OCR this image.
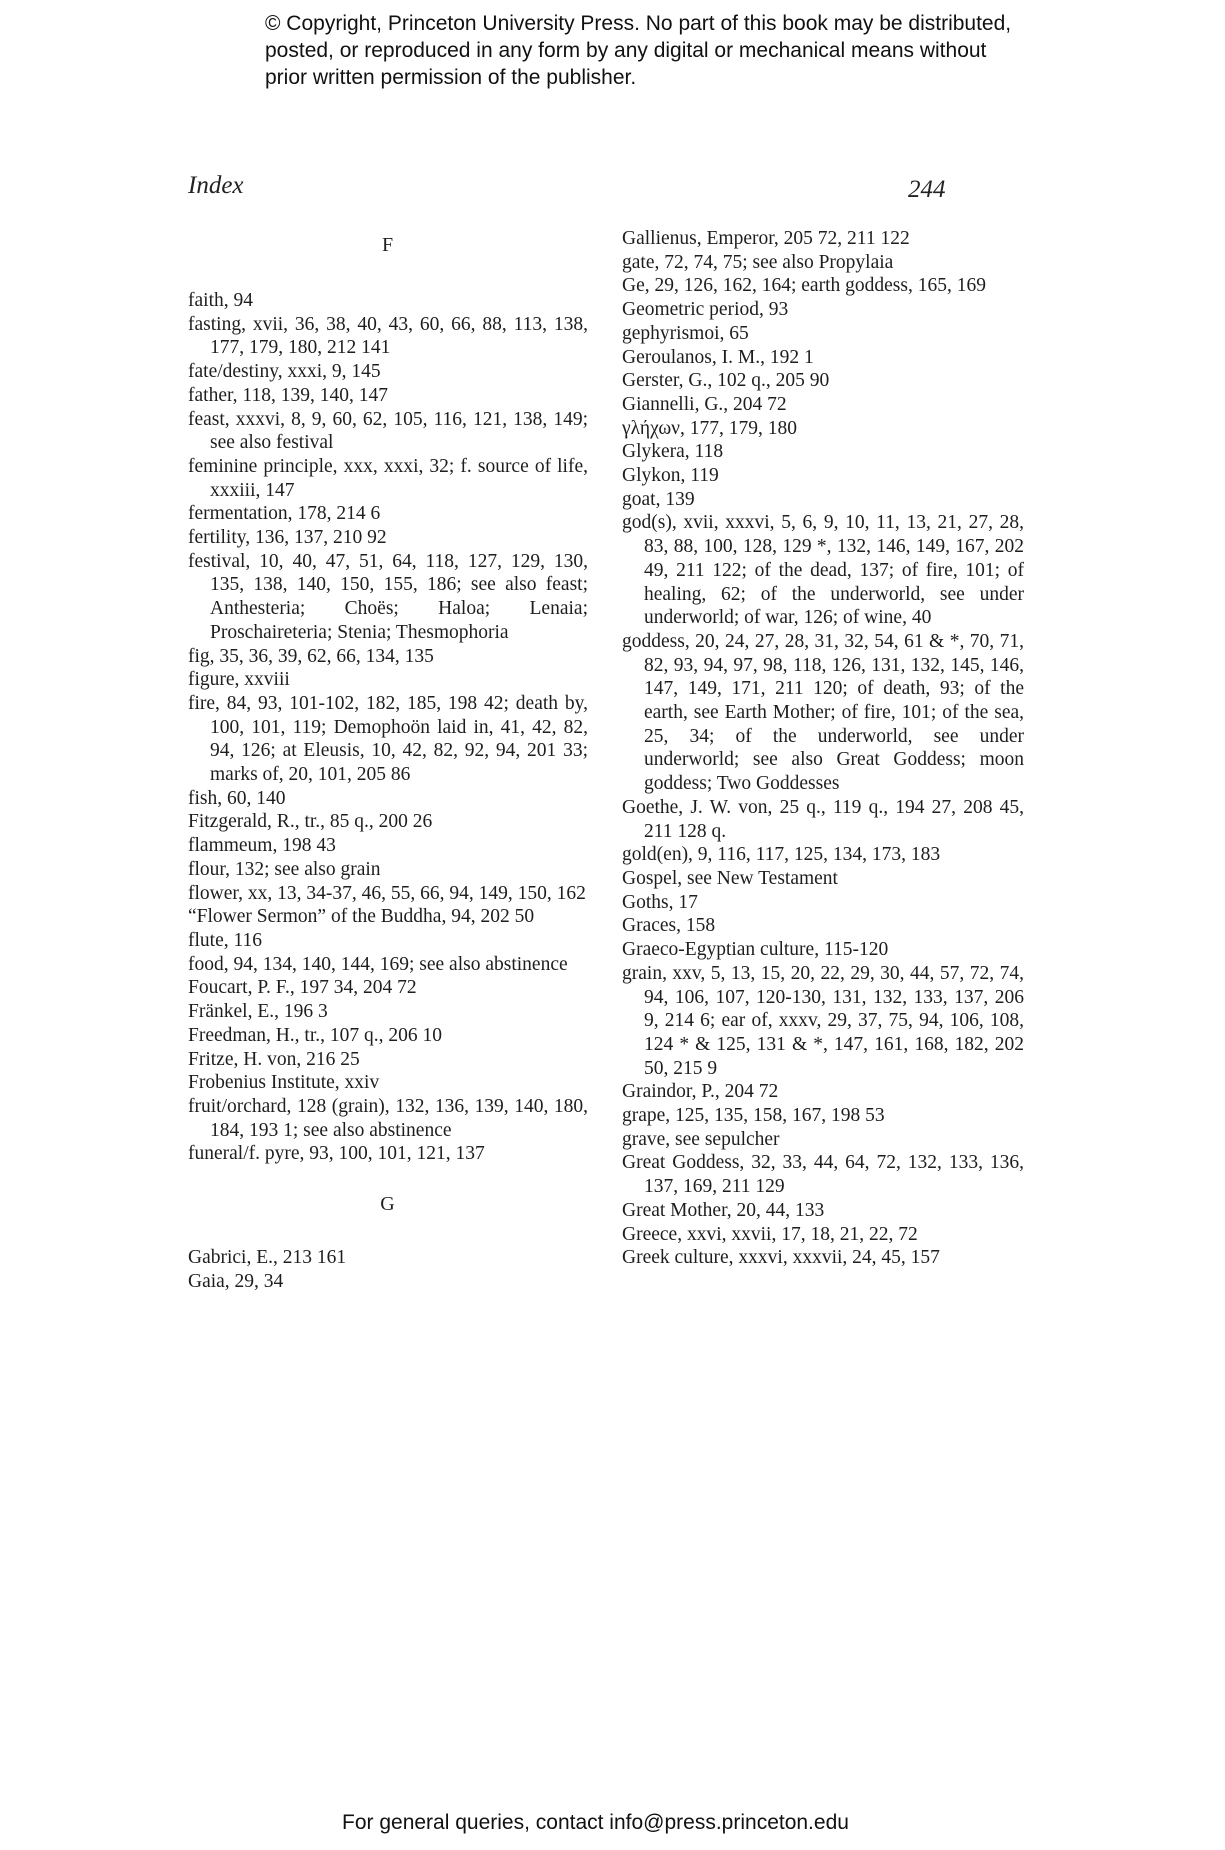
© Copyright, Princeton University Press. No part of this book may be distributed, posted, or reproduced in any form by any digital or mechanical means without prior written permission of the publisher.
Index	244
F
faith, 94
fasting, xvii, 36, 38, 40, 43, 60, 66, 88, 113, 138, 177, 179, 180, 212 141
fate/destiny, xxxi, 9, 145
father, 118, 139, 140, 147
feast, xxxvi, 8, 9, 60, 62, 105, 116, 121, 138, 149; see also festival
feminine principle, xxx, xxxi, 32; f. source of life, xxxiii, 147
fermentation, 178, 214 6
fertility, 136, 137, 210 92
festival, 10, 40, 47, 51, 64, 118, 127, 129, 130, 135, 138, 140, 150, 155, 186; see also feast; Anthesteria; Choës; Haloa; Lenaia; Proschaireteria; Stenia; Thesmophoria
fig, 35, 36, 39, 62, 66, 134, 135
figure, xxviii
fire, 84, 93, 101-102, 182, 185, 198 42; death by, 100, 101, 119; Demophoön laid in, 41, 42, 82, 94, 126; at Eleusis, 10, 42, 82, 92, 94, 201 33; marks of, 20, 101, 205 86
fish, 60, 140
Fitzgerald, R., tr., 85 q., 200 26
flammeum, 198 43
flour, 132; see also grain
flower, xx, 13, 34-37, 46, 55, 66, 94, 149, 150, 162
“Flower Sermon” of the Buddha, 94, 202 50
flute, 116
food, 94, 134, 140, 144, 169; see also abstinence
Foucart, P. F., 197 34, 204 72
Fränkel, E., 196 3
Freedman, H., tr., 107 q., 206 10
Fritze, H. von, 216 25
Frobenius Institute, xxiv
fruit/orchard, 128 (grain), 132, 136, 139, 140, 180, 184, 193 1; see also abstinence
funeral/f. pyre, 93, 100, 101, 121, 137
G
Gabrici, E., 213 161
Gaia, 29, 34
Gallienus, Emperor, 205 72, 211 122
gate, 72, 74, 75; see also Propylaia
Ge, 29, 126, 162, 164; earth goddess, 165, 169
Geometric period, 93
gephyrismoi, 65
Geroulanos, I. M., 192 1
Gerster, G., 102 q., 205 90
Giannelli, G., 204 72
γλήχων, 177, 179, 180
Glykera, 118
Glykon, 119
goat, 139
god(s), xvii, xxxvi, 5, 6, 9, 10, 11, 13, 21, 27, 28, 83, 88, 100, 128, 129 *, 132, 146, 149, 167, 202 49, 211 122; of the dead, 137; of fire, 101; of healing, 62; of the underworld, see under underworld; of war, 126; of wine, 40
goddess, 20, 24, 27, 28, 31, 32, 54, 61 & *, 70, 71, 82, 93, 94, 97, 98, 118, 126, 131, 132, 145, 146, 147, 149, 171, 211 120; of death, 93; of the earth, see Earth Mother; of fire, 101; of the sea, 25, 34; of the underworld, see under underworld; see also Great Goddess; moon goddess; Two Goddesses
Goethe, J. W. von, 25 q., 119 q., 194 27, 208 45, 211 128 q.
gold(en), 9, 116, 117, 125, 134, 173, 183
Gospel, see New Testament
Goths, 17
Graces, 158
Graeco-Egyptian culture, 115-120
grain, xxv, 5, 13, 15, 20, 22, 29, 30, 44, 57, 72, 74, 94, 106, 107, 120-130, 131, 132, 133, 137, 206 9, 214 6; ear of, xxxv, 29, 37, 75, 94, 106, 108, 124 * & 125, 131 & *, 147, 161, 168, 182, 202 50, 215 9
Graindor, P., 204 72
grape, 125, 135, 158, 167, 198 53
grave, see sepulcher
Great Goddess, 32, 33, 44, 64, 72, 132, 133, 136, 137, 169, 211 129
Great Mother, 20, 44, 133
Greece, xxvi, xxvii, 17, 18, 21, 22, 72
Greek culture, xxxvi, xxxvii, 24, 45, 157
For general queries, contact info@press.princeton.edu
